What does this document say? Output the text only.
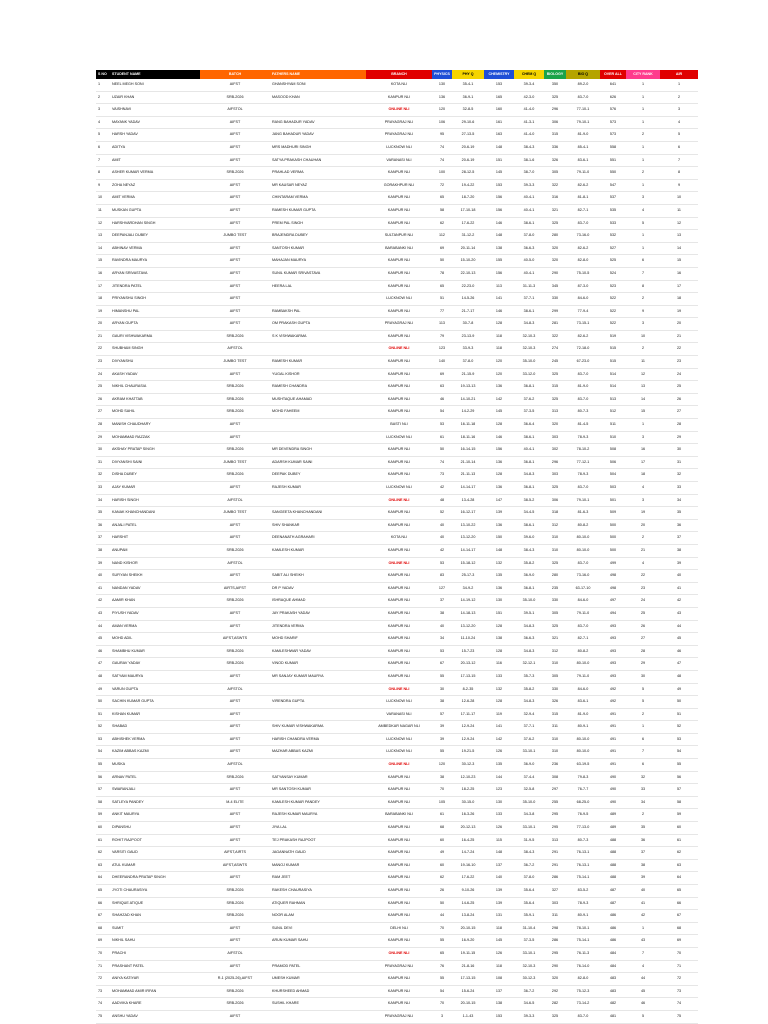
S NO	STUDENT NAME	BATCH	FATHERS NAME	BRANCH	PHYSICS	PHY Q	CHEMISTRY	CHEM Q	BIOLOGY	BIO Q	OVER ALL	CITY RANK	AIR
1	NEEL MEGH SONI	AIFST	GHANSHYAM SONI	KOTA NLI	130	35-4-1	153	39-3-4	350	89-2-0	641	1	1
2	UZAIR KHAN	SRB-2026	MASOOD KHAN	KANPUR NLI	136	36-9-1	165	42-3-0	325	83-7-0	626	1	2
3	VAISHNAVI	AIFSTOL		ONLINE NLI	120	32-8-5	160	41-4-0	296	77-10-1	576	1	3
4	MAYANK YADAV	AIFST	RANG BAHADUR YADAV	PRAYAGRAJ NLI	106	29-10-6	161	41-3-1	306	79-10-1	573	1	4
5	HARSH YADAV	AIFST	JANG BAHADUR YADAV	PRAYAGRAJ NLI	95	27-13-5	163	41-4-0	315	81-9-0	573	2	5
6	ADITYA	AIFST	MRS MADHURI SINGH	LUCKNOW NLI	74	20-6-19	148	38-4-3	336	85-4-1	558	1	6
7	AMIT	AIFST	SATYA PRAKASH CHAUHAN	VARANASI NLI	74	20-6-19	151	38-1-6	326	83-6-1	551	1	7
8	ASHER KUMAR VERMA	SRB-2026	PRAHLAD VERMA	KANPUR NLI	100	28-12-5	145	38-7-0	305	79-11-0	550	2	8
9	ZOHA NEYAZ	AIFST	MR KAUSAR NEYAZ	GORAKHPUR NLI	72	19-4-22	153	39-3-3	322	82-6-2	547	1	9
10	AMIT VERMA	AIFST	CHINTARAM VERMA	KANPUR NLI	65	18-7-20	156	40-4-1	316	81-8-1	537	3	10
11	MUSKAN GUPTA	AIFST	RAMESH KUMAR GUPTA	KANPUR NLI	58	17-10-18	156	40-4-1	321	82-7-1	535	4	11
12	HARSHVARDHAN SINGH	AIFST	PREM PAL SINGH	KANPUR NLI	62	17-6-22	146	38-6-1	325	83-7-0	533	5	12
13	DEEPANJALI DUBEY	JUMBO TEST	BRAJENDRA DUBEY	SULTANPUR NLI	112	31-12-2	148	37-8-0	280	73-16-0	532	1	13
14	ABHINAV VERMA	AIFST	SANTOSH KUMAR	BARABANKI NLI	69	20-11-14	138	36-6-3	320	82-6-2	527	1	14
15	RAVINDRA MAURYA	AIFST	MAHAJAN MAURYA	KANPUR NLI	50	15-10-20	155	40-5-0	320	82-8-0	525	6	15
16	ARYAN SRIVASTAVA	AIFST	SUNIL KUMAR SRIVASTAVA	KANPUR NLI	78	22-10-13	156	40-4-1	290	75-10-5	524	7	16
17	JITENDRA PATEL	AIFST	HEERA LAL	KANPUR NLI	65	22-23-0	113	31-11-3	345	87-3-0	523	8	17
18	PRIYANSHU SINGH	AIFST		LUCKNOW NLI	51	14-5-26	141	37-7-1	330	84-6-0	522	2	18
19	HIMANSHU PAL	AIFST	RAMBAKSH PAL	KANPUR NLI	77	21-7-17	146	38-6-1	299	77-9-4	522	9	19
20	ARYAN GUPTA	AIFST	OM PRAKASH GUPTA	PRAYAGRAJ NLI	113	30-7-8	128	34-8-3	281	73-15-1	522	3	20
21	GAURI VISHWAKARMA	SRB-2026	S K VISHWAKARMA	KANPUR NLI	79	23-13-9	118	32-10-3	322	82-6-2	519	10	21
22	SHUBHAM SINGH	AIFSTOL		ONLINE NLI	123	33-9-3	118	32-10-3	274	72-18-0	515	2	22
23	DIVYANSHU	JUMBO TEST	RAMESH KUMAR	KANPUR NLI	140	37-8-0	120	35-10-0	245	67-23-0	515	11	23
24	AKASH YADAV	AIFST	YUGAL KISHOR	KANPUR NLI	69	21-15-9	120	33-12-0	325	83-7-0	514	12	24
25	NIKHIL CHAURASIA	SRB-2026	RAMESH CHANDRA	KANPUR NLI	63	19-13-13	136	36-8-1	315	81-9-0	514	13	25
26	AKRAM KHATTAB	SRB-2026	MUSHTAQUE AHAMAD	KANPUR NLI	46	14-10-21	142	37-6-2	325	83-7-0	513	14	26
27	MOHD SAHIL	SRB-2026	MOHD FAHEEM	KANPUR NLI	54	14-2-29	145	37-3-5	313	80-7-3	512	15	27
28	MANISH CHAUDHARY	AIFST		BASTI NLI	53	16-11-18	128	36-6-4	320	81-4-5	511	1	28
29	MOHAMMAD RAZZAK	AIFST		LUCKNOW NLI	61	18-11-16	146	38-6-1	303	78-9-3	510	3	29
30	AKSHAY PRATAP SINGH	SRB-2026	MR DEVENDRA SINGH	KANPUR NLI	50	16-14-15	156	40-4-1	302	78-10-2	508	16	30
31	DIVYANSHI SAINI	JUMBO TEST	ADARSH KUMAR SAINI	KANPUR NLI	74	21-10-14	136	36-8-1	296	77-12-1	506	17	31
32	DISHA DUBEY	SRB-2026	DEEPAK DUBEY	KANPUR NLI	73	21-11-13	128	34-8-3	303	78-9-3	504	18	32
33	AJAY KUMAR	AIFST	RAJESH KUMAR	LUCKNOW NLI	42	14-14-17	136	36-8-1	325	83-7-0	503	4	33
34	HARISH SINGH	AIFSTOL		ONLINE NLI	48	13-4-28	147	38-5-2	306	79-10-1	501	3	34
35	KANAK KHANCHANDANI	JUMBO TEST	SANGEETA KHANCHANDANI	KANPUR NLI	52	16-12-17	139	34-4-5	318	81-6-3	509	19	35
36	ANJALI PATEL	AIFST	SHIV SHANKAR	KANPUR NLI	40	13-10-22	136	38-6-1	312	80-8-2	500	20	36
37	HARSHIT	AIFST	DEENANATH AGRAHARI	KOTA NLI	40	13-12-20	150	39-6-0	310	80-10-0	500	2	37
38	ANUPAM	SRB-2026	KAMLESH KUMAR	KANPUR NLI	42	14-14-17	148	38-4-3	310	80-10-0	500	21	38
39	NAND KISHOR	AIFSTOL		ONLINE NLI	53	15-18-12	132	35-8-2	325	83-7-0	499	4	39
40	SUFIYAN SHEIKH	AIFST	SABIT ALI SHEIKH	KANPUR NLI	83	25-17-3	135	36-9-0	280	73-16-0	498	22	40
41	NANDAN YADAV	AIRTS,AIFST	DR P YADAV	KANPUR NLI	127	34-9-2	136	36-8-1	235	63-17-10	498	23	41
42	AAMIR KHAN	SRB-2026	ISHRAQUE AHMAD	KANPUR NLI	37	14-19-12	130	35-10-0	330	84-6-0	497	24	42
43	PIYUSH YADAV	AIFST	JAY PRAKASH YADAV	KANPUR NLI	38	14-18-13	151	39-5-1	305	79-11-0	494	25	43
44	AMAN VERMA	AIFST	JITENDRA VERMA	KANPUR NLI	40	13-12-20	128	34-8-3	325	83-7-0	493	26	44
45	MOHD ADIL	AIFST,ASWTS	MOHD SHARIF	KANPUR NLI	34	11-10-24	138	36-6-3	321	82-7-1	493	27	45
46	SHAMBHU KUMAR	SRB-2026	KAMLESHWAR YADAV	KANPUR NLI	53	15-7-23	128	34-8-3	312	80-8-2	493	28	46
47	GAURAV YADAV	SRB-2026	VINOD KUMAR	KANPUR NLI	67	20-13-12	116	32-12-1	310	80-10-0	493	29	47
48	SATYAM MAURYA	AIFST	MR SANJAY KUMAR MAURYA	KANPUR NLI	55	17-13-15	133	35-7-3	305	79-11-0	493	30	48
49	VARUN GUPTA	AIFSTOL		ONLINE NLI	30	8-2-35	132	35-8-2	330	84-6-0	492	5	49
50	SACHIN KUMAR GUPTA	AIFST	VIRENDRA GUPTA	LUCKNOW NLI	38	12-6-28	128	34-8-3	326	83-6-1	492	5	50
51	KISHAN KUMAR	AIFST		VARANASI NLI	57	17-11-17	119	32-9-4	315	81-9-0	491	2	51
52	SHABAD	AIFST	SHIV KUMAR VISHWAKARMA	AMBEDKAR NAGAR NLI	39	12-9-24	141	37-7-1	311	80-9-1	491	1	52
53	ABHISHEK VERMA	AIFST	HARISH CHANDRA VERMA	LUCKNOW NLI	39	12-9-24	142	37-6-2	310	80-10-0	491	6	53
54	KAZIM ABBAS KAZMI	AIFST	MAZHAR ABBAS KAZMI	LUCKNOW NLI	55	19-21-5	126	33-10-1	310	80-10-0	491	7	54
55	MUSKA	AIFSTOL		ONLINE NLI	120	30-12-3	135	36-9-0	236	63-19-5	491	6	55
56	ARNAV PATEL	SRB-2026	SATYANSAY KUMAR	KANPUR NLI	38	12-10-23	144	37-4-4	308	79-8-3	490	32	56
57	SWARANJALI	AIFST	MR SANTOSH KUMAR	KANPUR NLI	70	18-2-25	123	32-5-8	297	76-7-7	490	33	57
58	SATLEYA PANDEY	M-4 ELITE	KAMLESH KUMAR PANDEY	KANPUR NLI	105	30-15-0	130	35-10-0	255	68-25-0	490	34	58
59	ANKIT MAURYA	AIFST	RAJESH KUMAR MAURYA	BARABANKI NLI	61	16-3-26	133	34-3-8	295	76-9-5	489	2	59
60	DIPANSHU	AIFST	JIYA LAL	KANPUR NLI	68	20-12-13	126	33-10-1	295	77-13-0	489	35	60
61	ROHIT RAJPOOT	AIFST	TEJ PRAKASH RAJPOOT	KANPUR NLI	60	16-4-25	115	31-9-5	313	80-7-3	488	36	61
62	VARSITI GAUD	AIFST,AIRTS	JAGANNATH GAUD	KANPUR NLI	49	14-7-24	148	38-4-3	291	76-13-1	488	37	62
63	ATUL KUMAR	AIFST,ASWTS	MANOJ KUMAR	KANPUR NLI	60	19-16-10	137	36-7-2	291	76-13-1	488	38	63
64	DHEERANDRA PRATAP SINGH	AIFST	RAM JEET	KANPUR NLI	62	17-6-22	140	37-8-0	286	75-14-1	488	39	64
65	JYOTI CHAURASIYA	SRB-2026	RAKESH CHAURASIYA	KANPUR NLI	26	9-10-26	139	35-6-4	327	83-5-2	487	40	65
66	SHRIQUE ATIQUE	SRB-2026	ATIQUER RAHMAN	KANPUR NLI	50	14-6-25	139	35-6-4	303	78-9-3	487	41	66
67	SHAHZAD KHAN	SRB-2026	NOOR ALAM	KANPUR NLI	44	13-8-24	131	35-9-1	311	80-9-1	486	42	67
68	SUMIT	AIFST	SUNIL DEVI	DELHI NLI	70	20-10-15	118	31-10-4	298	78-10-1	486	1	68
69	NIKHIL SAHU	AIFST	ARUN KUMAR SAHU	KANPUR NLI	55	16-9-20	145	37-3-5	286	75-14-1	486	43	69
70	PRACHI	AIFSTOL		ONLINE NLI	65	19-11-15	126	33-10-1	295	76-11-3	484	7	70
71	PRASHANT PATEL	AIFST	PRAMOD PATEL	PRAYAGRAJ NLI	76	21-8-16	118	32-10-3	290	76-14-0	484	4	71
72	ANIYA KATIYAR	R-1 (2025-26),AIFST	UMESH KUMAR	KANPUR NLI	55	17-13-15	108	30-12-3	320	82-8-0	483	44	72
73	MOHAMMAD AMIR IRFAN	SRB-2026	KHURSHEED AHMAD	KANPUR NLI	54	15-6-24	137	36-7-2	292	75-12-3	483	45	73
74	AADVIKA KHARE	SRB-2026	SUSHIL KHARE	KANPUR NLI	70	20-10-15	138	34-6-5	282	73-14-2	482	46	74
75	ANSHU YADAV	AIFST		PRAYAGRAJ NLI	3	1-1-43	153	39-3-3	325	83-7-0	481	5	75
